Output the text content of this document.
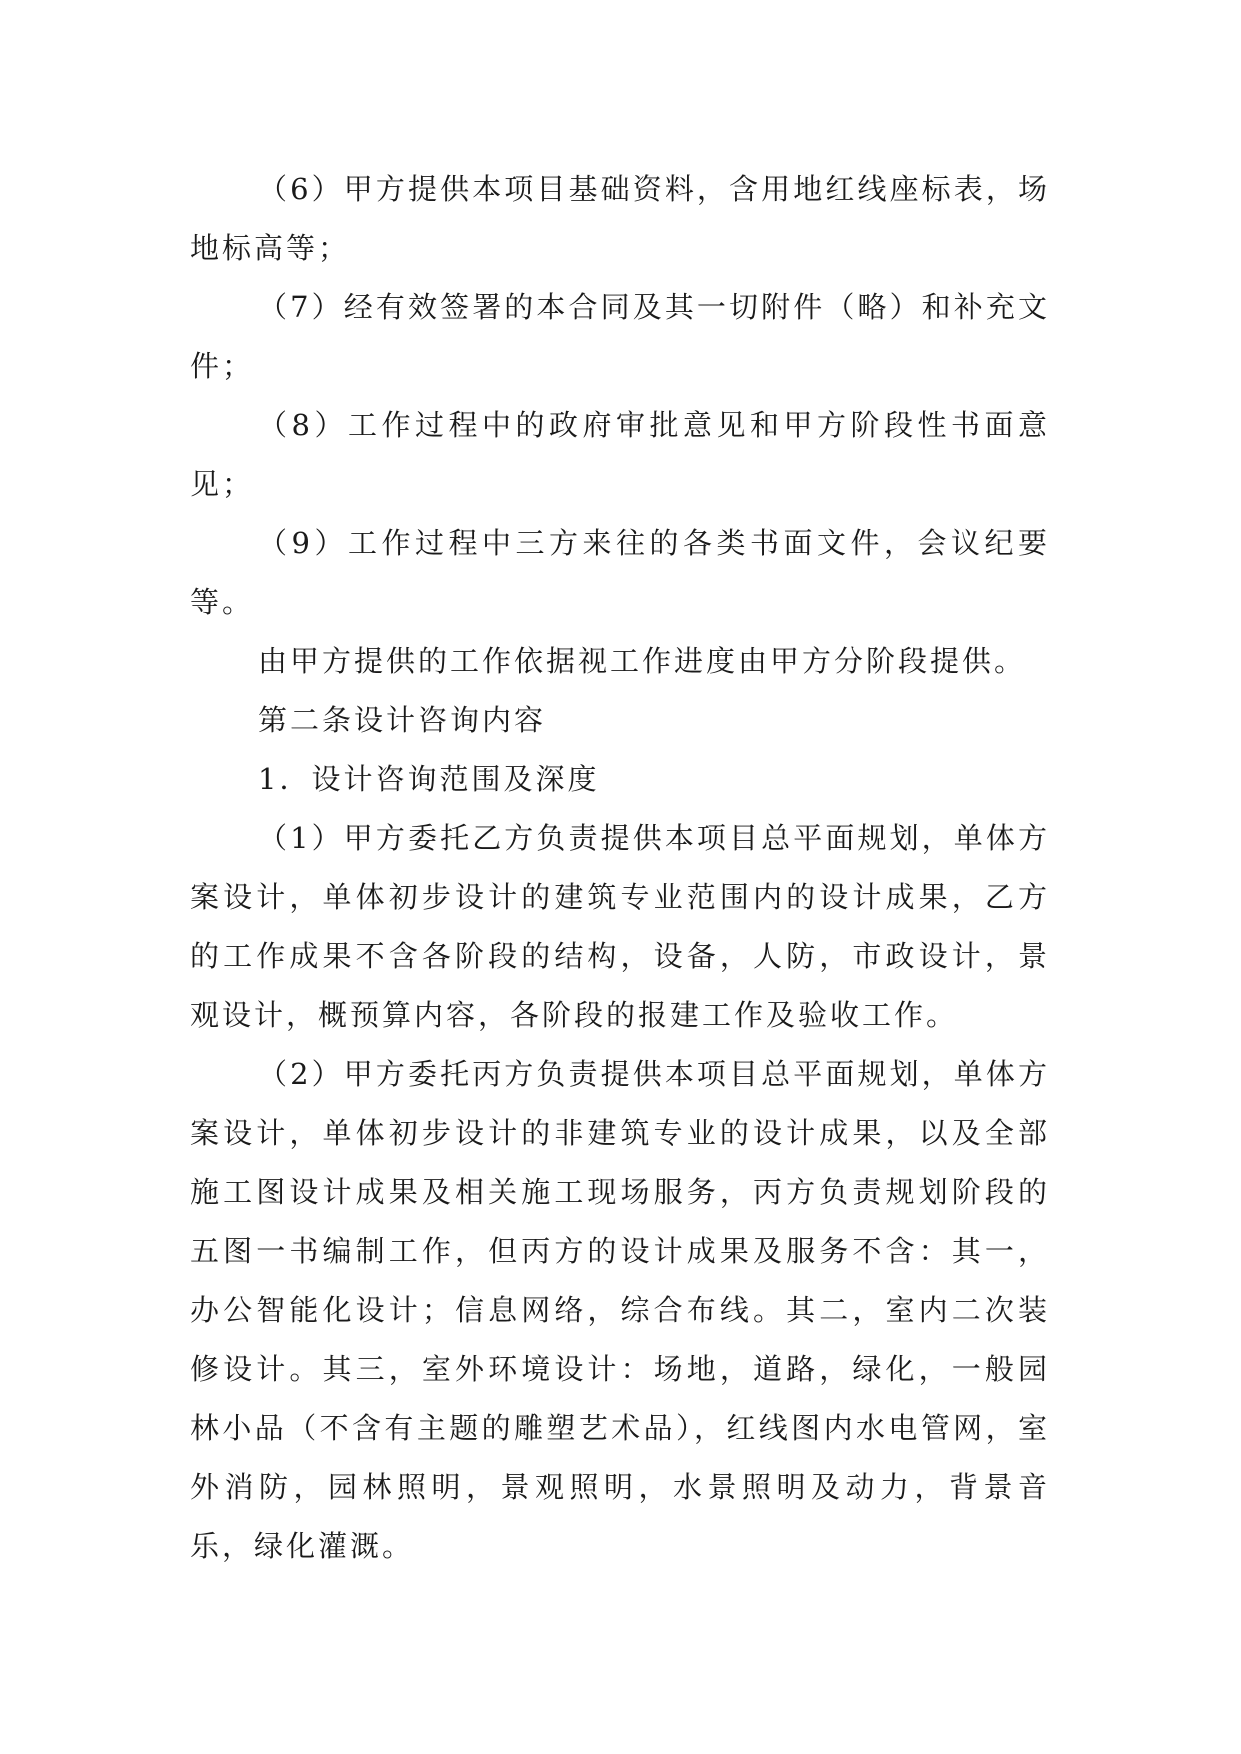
（6）甲方提供本项目基础资料，含用地红线座标表，场地标高等；

（7）经有效签署的本合同及其一切附件（略）和补充文件；

（8）工作过程中的政府审批意见和甲方阶段性书面意见；

（9）工作过程中三方来往的各类书面文件，会议纪要等。

由甲方提供的工作依据视工作进度由甲方分阶段提供。

第二条设计咨询内容

1．设计咨询范围及深度

（1）甲方委托乙方负责提供本项目总平面规划，单体方案设计，单体初步设计的建筑专业范围内的设计成果，乙方的工作成果不含各阶段的结构，设备，人防，市政设计，景观设计，概预算内容，各阶段的报建工作及验收工作。

（2）甲方委托丙方负责提供本项目总平面规划，单体方案设计，单体初步设计的非建筑专业的设计成果，以及全部施工图设计成果及相关施工现场服务，丙方负责规划阶段的五图一书编制工作，但丙方的设计成果及服务不含：其一，办公智能化设计；信息网络，综合布线。其二，室内二次装修设计。其三，室外环境设计：场地，道路，绿化，一般园林小品（不含有主题的雕塑艺术品），红线图内水电管网，室外消防，园林照明，景观照明，水景照明及动力，背景音乐，绿化灌溉。
